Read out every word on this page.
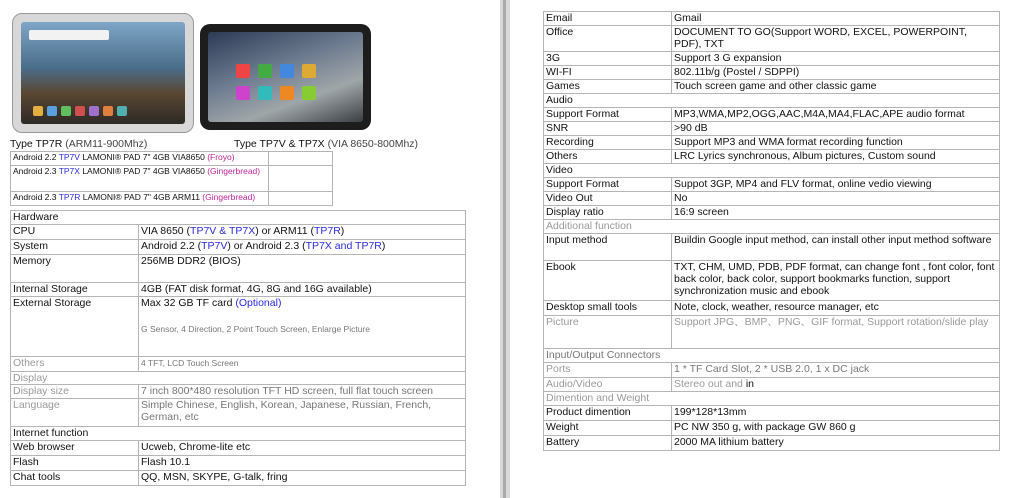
Type TP7R (ARM11-900Mhz)	Type TP7V & TP7X (VIA 8650-800Mhz)
Android 2.2 TP7V LAMONI® PAD 7" 4GB VIA8650 (Froyo)	
Android 2.3 TP7X LAMONI® PAD 7" 4GB VIA8650 (Gingerbread)	
Android 2.3 TP7R LAMONI® PAD 7" 4GB ARM11 (Gingerbread)	
Hardware	
CPU	VIA 8650 (TP7V & TP7X) or ARM11 (TP7R)
System	Android 2.2 (TP7V) or Android 2.3 (TP7X and TP7R)
Memory	256MB DDR2 (BIOS)
Internal Storage	4GB (FAT disk format, 4G, 8G and 16G available)
External Storage	Max 32 GB TF card (Optional)
G Sensor, 4 Direction, 2 Point Touch Screen, Enlarge Picture

Others	4 TFT, LCD Touch Screen
Display	
Display size	7 inch 800*480 resolution TFT HD screen, full flat touch screen
Language	Simple Chinese, English, Korean, Japanese, Russian, French, German, etc
Internet function	
Web browser	Ucweb, Chrome-lite etc
Flash	Flash 10.1
Chat tools	QQ, MSN, SKYPE, G-talk, fring
Email	Gmail
Office	DOCUMENT TO GO(Support WORD, EXCEL, POWERPOINT, PDF), TXT
3G	Support 3 G expansion
WI-FI	802.11b/g (Postel / SDPPI)
Games	Touch screen game and other classic game
Audio	
Support Format	MP3,WMA,MP2,OGG,AAC,M4A,MA4,FLAC,APE audio format
SNR	>90 dB
Recording	Support MP3 and WMA format recording function
Others	LRC Lyrics synchronous, Album pictures, Custom sound
Video	
Support Format	Suppot 3GP, MP4 and FLV format, online vedio viewing
Video Out	No
Display ratio	16:9 screen
Additional function	
Input method	Buildin Google input method, can install other input method software
Ebook	TXT, CHM, UMD, PDB, PDF format, can change font , font color, font back color, back color, support bookmarks function, support synchronization music and ebook
Desktop small tools	Note, clock, weather, resource manager, etc
Picture	Support JPG、BMP、PNG、GIF format, Support rotation/slide play
Input/Output Connectors	
Ports	1 * TF Card Slot, 2 * USB 2.0, 1 x DC jack
Audio/Video	Stereo out and in
Dimention and Weight	
Product dimention	199*128*13mm
Weight	PC NW 350 g, with package GW 860 g
Battery	2000 MA lithium battery
